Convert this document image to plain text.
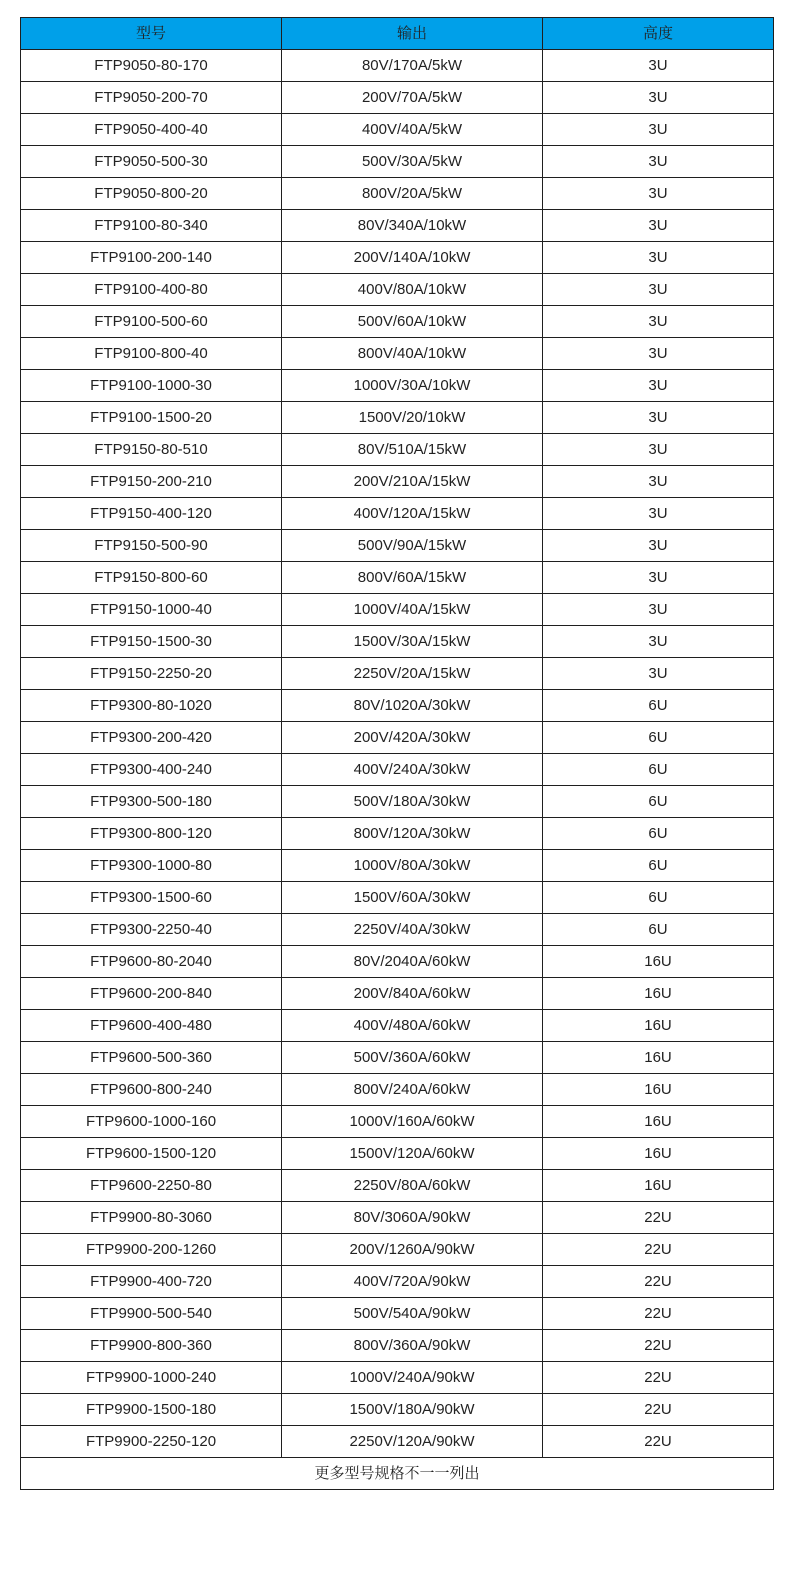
型号	输出	高度
FTP9050-80-170	80V/170A/5kW	3U
FTP9050-200-70	200V/70A/5kW	3U
FTP9050-400-40	400V/40A/5kW	3U
FTP9050-500-30	500V/30A/5kW	3U
FTP9050-800-20	800V/20A/5kW	3U
FTP9100-80-340	80V/340A/10kW	3U
FTP9100-200-140	200V/140A/10kW	3U
FTP9100-400-80	400V/80A/10kW	3U
FTP9100-500-60	500V/60A/10kW	3U
FTP9100-800-40	800V/40A/10kW	3U
FTP9100-1000-30	1000V/30A/10kW	3U
FTP9100-1500-20	1500V/20/10kW	3U
FTP9150-80-510	80V/510A/15kW	3U
FTP9150-200-210	200V/210A/15kW	3U
FTP9150-400-120	400V/120A/15kW	3U
FTP9150-500-90	500V/90A/15kW	3U
FTP9150-800-60	800V/60A/15kW	3U
FTP9150-1000-40	1000V/40A/15kW	3U
FTP9150-1500-30	1500V/30A/15kW	3U
FTP9150-2250-20	2250V/20A/15kW	3U
FTP9300-80-1020	80V/1020A/30kW	6U
FTP9300-200-420	200V/420A/30kW	6U
FTP9300-400-240	400V/240A/30kW	6U
FTP9300-500-180	500V/180A/30kW	6U
FTP9300-800-120	800V/120A/30kW	6U
FTP9300-1000-80	1000V/80A/30kW	6U
FTP9300-1500-60	1500V/60A/30kW	6U
FTP9300-2250-40	2250V/40A/30kW	6U
FTP9600-80-2040	80V/2040A/60kW	16U
FTP9600-200-840	200V/840A/60kW	16U
FTP9600-400-480	400V/480A/60kW	16U
FTP9600-500-360	500V/360A/60kW	16U
FTP9600-800-240	800V/240A/60kW	16U
FTP9600-1000-160	1000V/160A/60kW	16U
FTP9600-1500-120	1500V/120A/60kW	16U
FTP9600-2250-80	2250V/80A/60kW	16U
FTP9900-80-3060	80V/3060A/90kW	22U
FTP9900-200-1260	200V/1260A/90kW	22U
FTP9900-400-720	400V/720A/90kW	22U
FTP9900-500-540	500V/540A/90kW	22U
FTP9900-800-360	800V/360A/90kW	22U
FTP9900-1000-240	1000V/240A/90kW	22U
FTP9900-1500-180	1500V/180A/90kW	22U
FTP9900-2250-120	2250V/120A/90kW	22U
更多型号规格不一一列出		
